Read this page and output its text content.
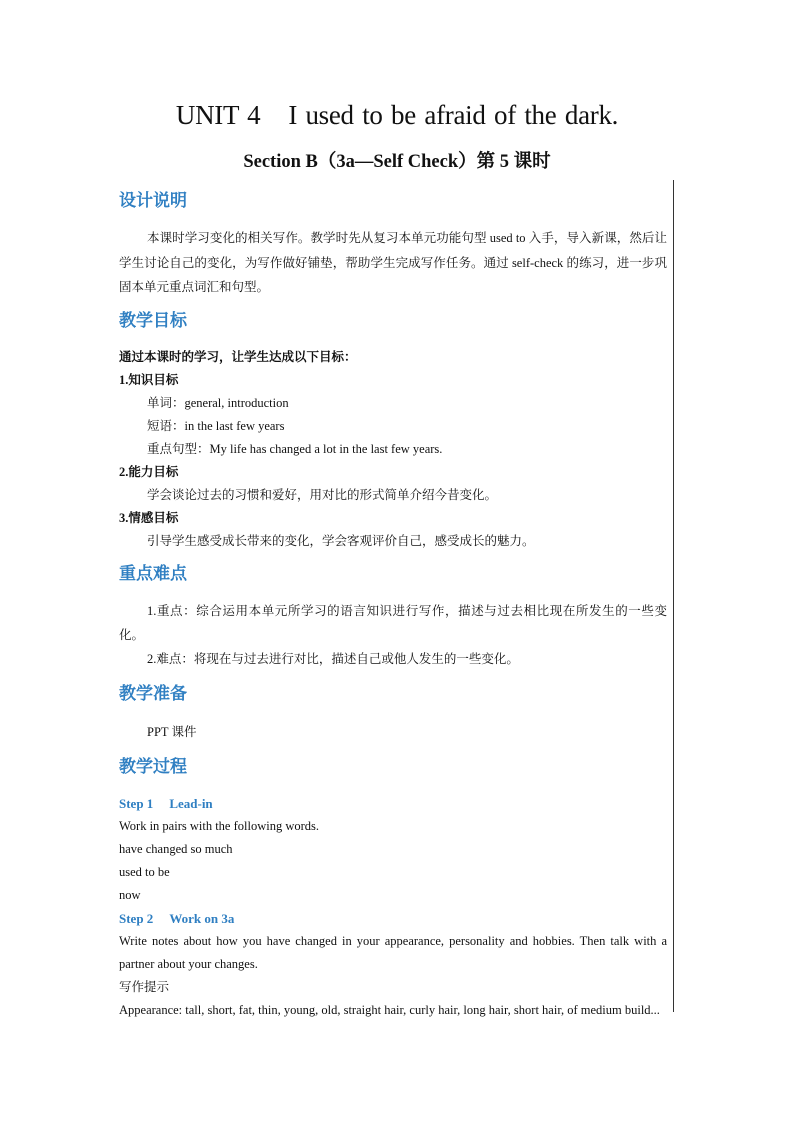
UNIT 4 I used to be afraid of the dark.
Section B（3a—Self Check）第 5 课时
设计说明
本课时学习变化的相关写作。教学时先从复习本单元功能句型 used to 入手，导入新课，然后让学生讨论自己的变化，为写作做好铺垫，帮助学生完成写作任务。通过 self-check 的练习，进一步巩固本单元重点词汇和句型。
教学目标
通过本课时的学习，让学生达成以下目标：
1.知识目标
单词：general, introduction
短语：in the last few years
重点句型：My life has changed a lot in the last few years.
2.能力目标
学会谈论过去的习惯和爱好，用对比的形式简单介绍今昔变化。
3.情感目标
引导学生感受成长带来的变化，学会客观评价自己，感受成长的魅力。
重点难点
1.重点：综合运用本单元所学习的语言知识进行写作，描述与过去相比现在所发生的一些变化。
2.难点：将现在与过去进行对比，描述自己或他人发生的一些变化。
教学准备
PPT 课件
教学过程
Step 1 Lead-in
Work in pairs with the following words.
have changed so much
used to be
now
Step 2 Work on 3a
Write notes about how you have changed in your appearance, personality and hobbies. Then talk with a partner about your changes.
写作提示
Appearance: tall, short, fat, thin, young, old, straight hair, curly hair, long hair, short hair, of medium build...
